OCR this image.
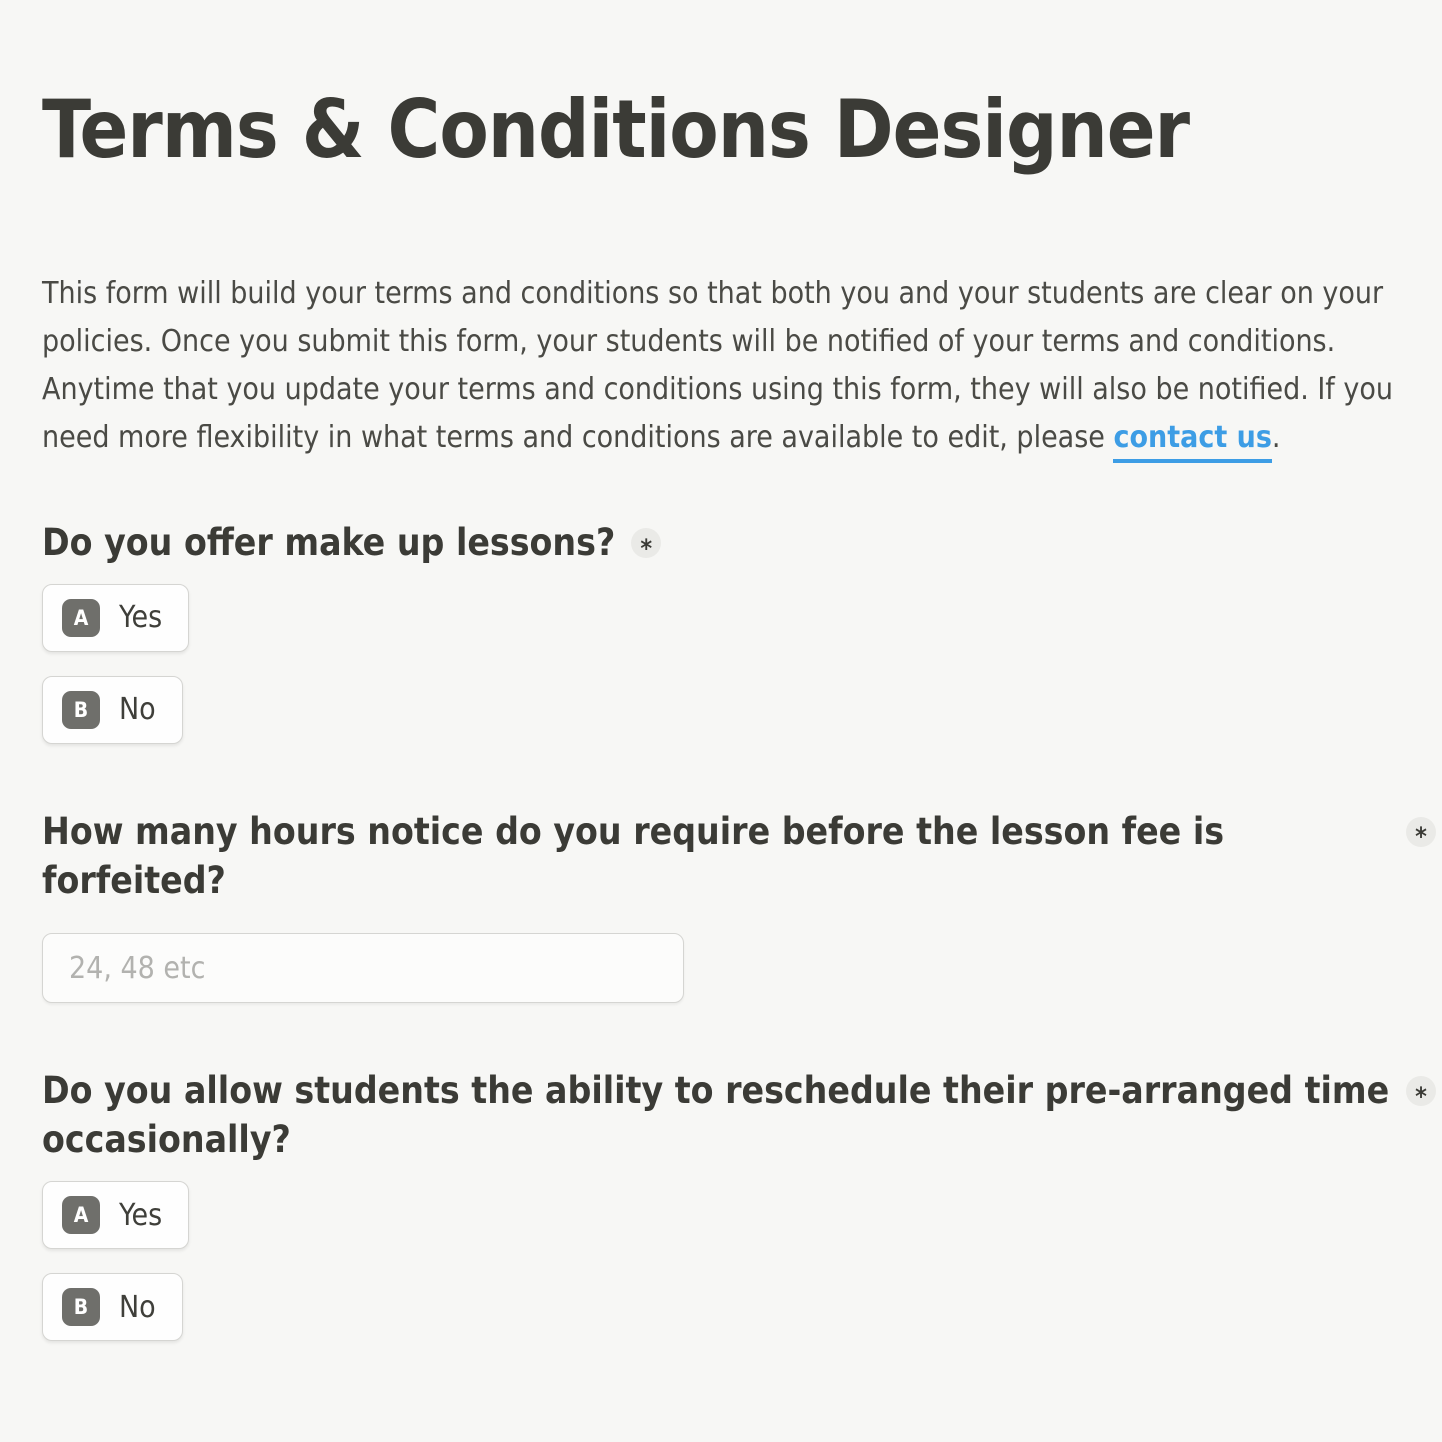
Terms & Conditions Designer

This form will build your terms and conditions so that both you and your students are clear on your policies. Once you submit this form, your students will be notified of your terms and conditions. Anytime that you update your terms and conditions using this form, they will also be notified. If you need more flexibility in what terms and conditions are available to edit, please contact us.

Do you offer make up lessons? *
A	Yes
B	No
How many hours notice do you require before the lesson fee is forfeited?
*
24, 48 etc
Do you allow students the ability to reschedule their pre-arranged time occasionally?
*
A	Yes
B	No
